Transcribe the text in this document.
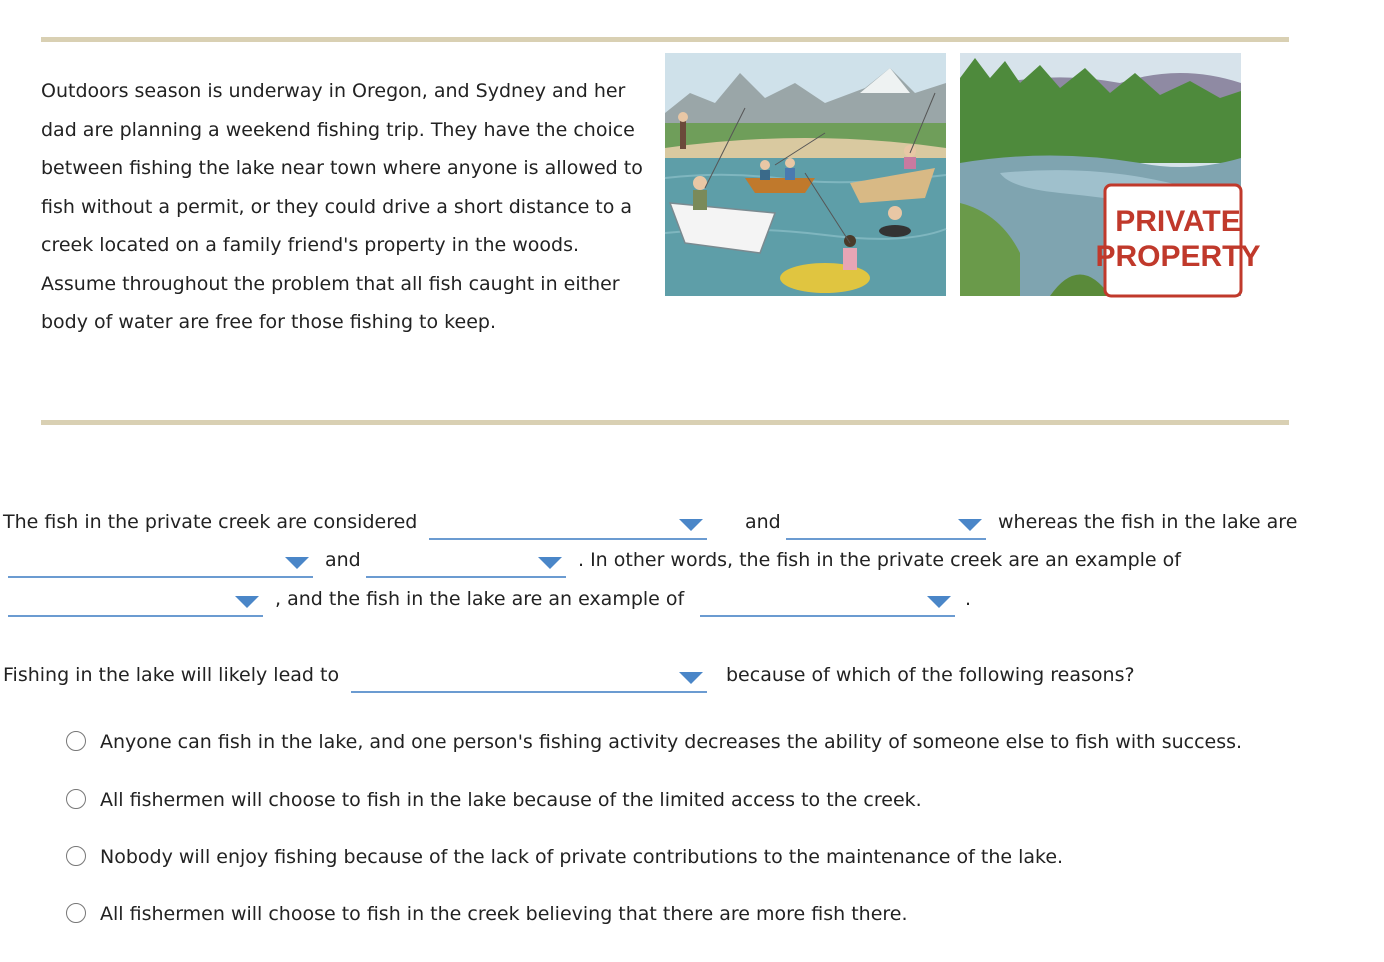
Outdoors season is underway in Oregon, and Sydney and her dad are planning a weekend fishing trip. They have the choice between fishing the lake near town where anyone is allowed to fish without a permit, or they could drive a short distance to a creek located on a family friend's property in the woods. Assume throughout the problem that all fish caught in either body of water are free for those fishing to keep.

PRIVATE
PROPERTY
The fish in the private creek are considered	and	whereas the fish in the lake are
and	. In other words, the fish in the private creek are an example of
, and the fish in the lake are an example of	.
Fishing in the lake will likely lead to	because of which of the following reasons?
Anyone can fish in the lake, and one person's fishing activity decreases the ability of someone else to fish with success.
All fishermen will choose to fish in the lake because of the limited access to the creek.
Nobody will enjoy fishing because of the lack of private contributions to the maintenance of the lake.
All fishermen will choose to fish in the creek believing that there are more fish there.
